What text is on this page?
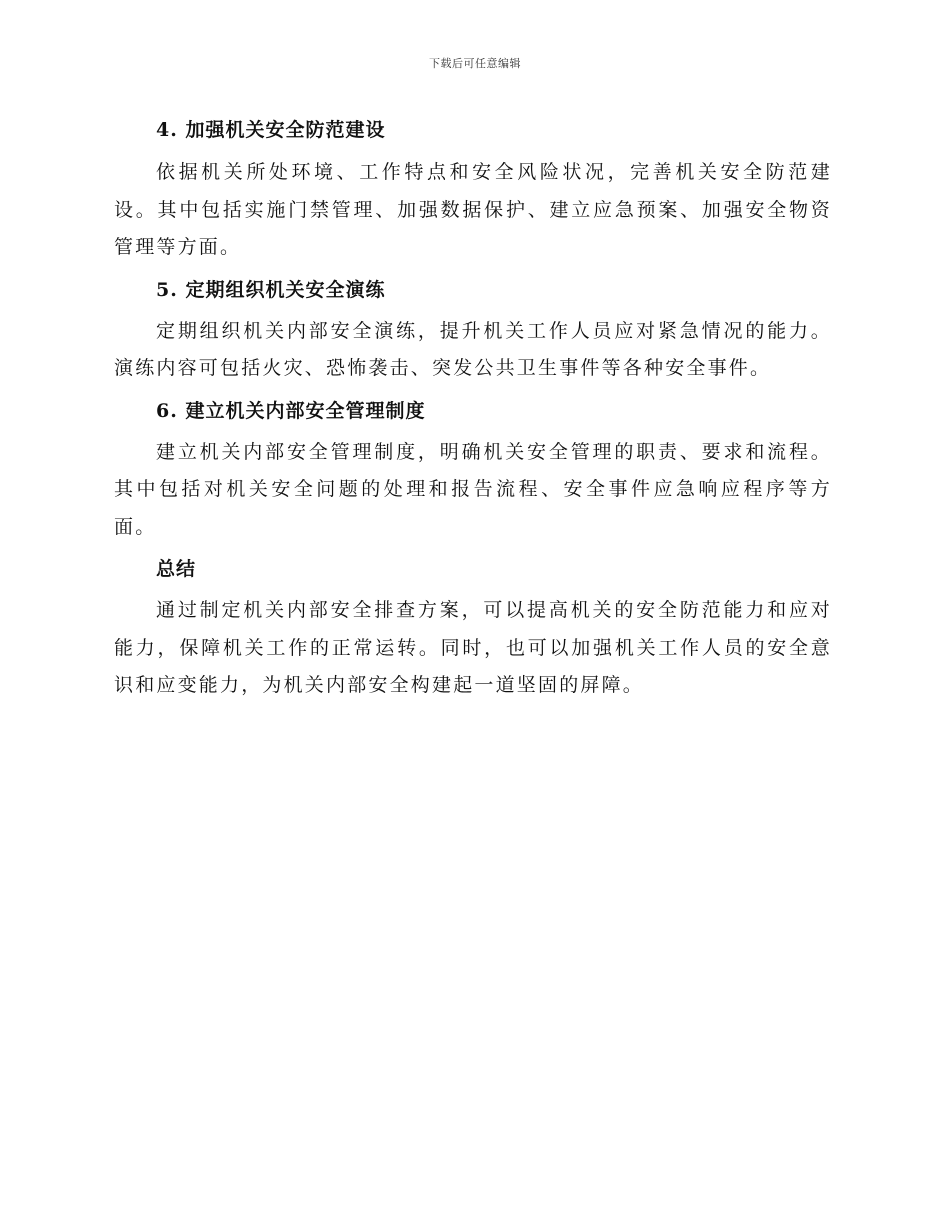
下载后可任意编辑
4. 加强机关安全防范建设

依据机关所处环境、工作特点和安全风险状况，完善机关安全防范建设。其中包括实施门禁管理、加强数据保护、建立应急预案、加强安全物资管理等方面。

5. 定期组织机关安全演练

定期组织机关内部安全演练，提升机关工作人员应对紧急情况的能力。演练内容可包括火灾、恐怖袭击、突发公共卫生事件等各种安全事件。

6. 建立机关内部安全管理制度

建立机关内部安全管理制度，明确机关安全管理的职责、要求和流程。其中包括对机关安全问题的处理和报告流程、安全事件应急响应程序等方面。

总结

通过制定机关内部安全排查方案，可以提高机关的安全防范能力和应对能力，保障机关工作的正常运转。同时，也可以加强机关工作人员的安全意识和应变能力，为机关内部安全构建起一道坚固的屏障。
